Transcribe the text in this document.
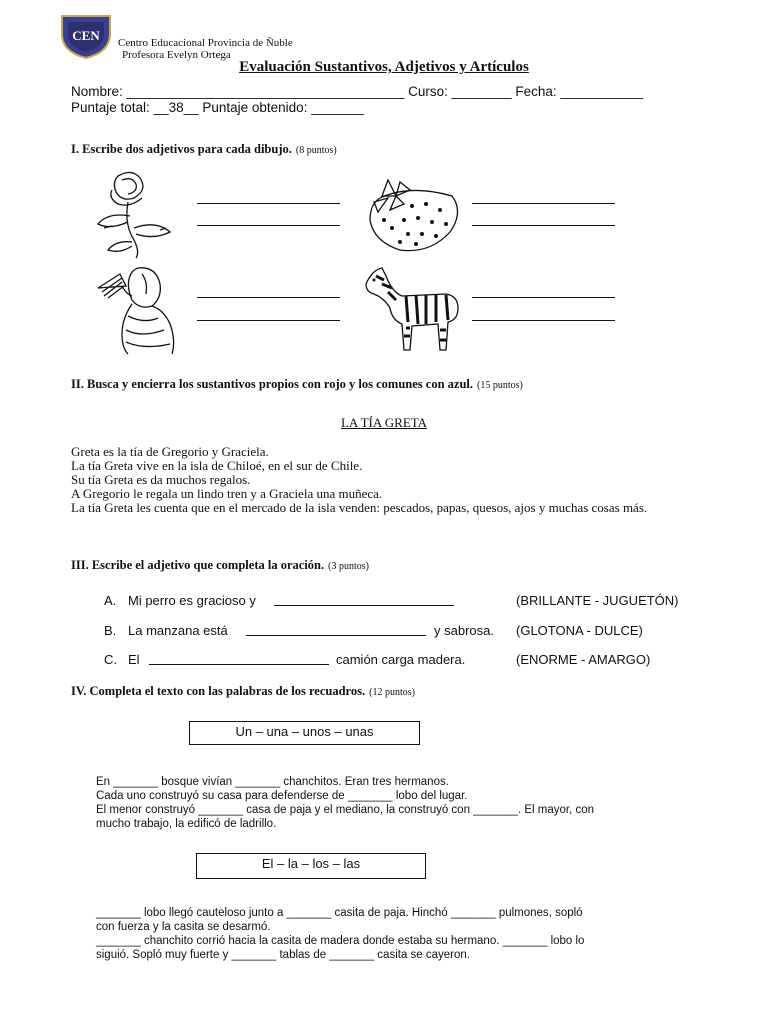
CEN Centro Educacional Provincia de Ñuble
Profesora Evelyn Ortega
Evaluación Sustantivos, Adjetivos y Artículos
Nombre: _____________________________________ Curso: ________ Fecha: ___________
Puntaje total: __38__ Puntaje obtenido: _______
I. Escribe dos adjetivos para cada dibujo. (8 puntos)
II. Busca y encierra los sustantivos propios con rojo y los comunes con azul. (15 puntos)
LA TÍA GRETA
Greta es la tía de Gregorio y Graciela.
La tía Greta vive en la isla de Chiloé, en el sur de Chile.
Su tía Greta es da muchos regalos.
A Gregorio le regala un lindo tren y a Graciela una muñeca.
La tía Greta les cuenta que en el mercado de la isla venden: pescados, papas, quesos, ajos y muchas cosas más.
III. Escribe el adjetivo que completa la oración. (3 puntos)
A. Mi perro es gracioso y	(BRILLANTE - JUGUETÓN)
B. La manzana está	y sabrosa. (GLOTONA - DULCE)
C. El	camión carga madera.	(ENORME - AMARGO)
IV. Completa el texto con las palabras de los recuadros. (12 puntos)
Un – una – unos – unas
En _______ bosque vivían _______ chanchitos. Eran tres hermanos.
Cada uno construyó su casa para defenderse de _______ lobo del lugar.
El menor construyó _______ casa de paja y el mediano, la construyó con _______. El mayor, con
mucho trabajo, la edificó de ladrillo.
El – la – los – las
_______ lobo llegó cauteloso junto a _______ casita de paja. Hinchó _______ pulmones, sopló
con fuerza y la casita se desarmó.
_______ chanchito corrió hacia la casita de madera donde estaba su hermano. _______ lobo lo
siguió. Sopló muy fuerte y _______ tablas de _______ casita se cayeron.
